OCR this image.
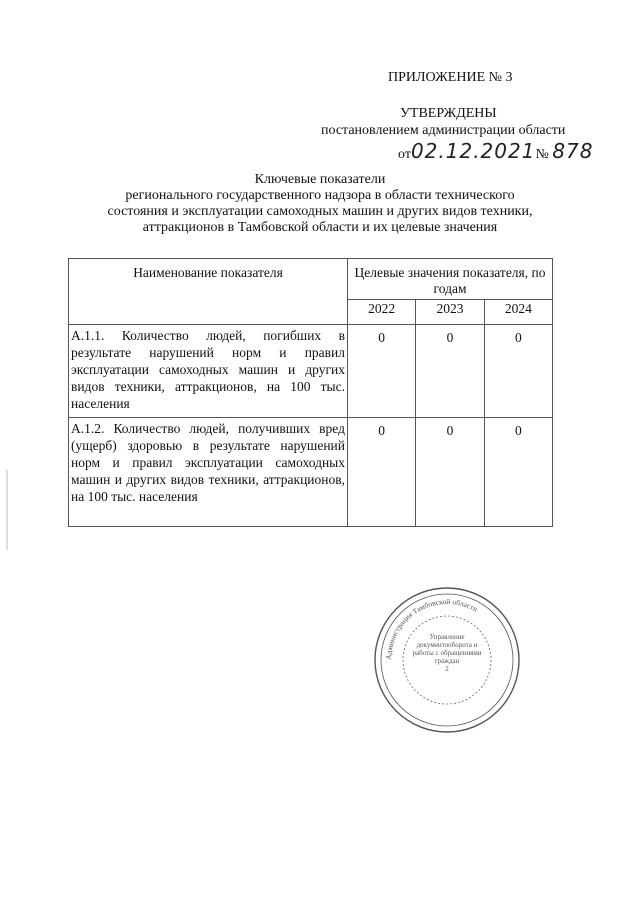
ПРИЛОЖЕНИЕ № 3
УТВЕРЖДЕНЫ
постановлением администрации области
от02.12.2021№ 878
Ключевые показатели
регионального государственного надзора в области технического
состояния и эксплуатации самоходных машин и других видов техники,
аттракционов в Тамбовской области и их целевые значения
Наименование показателя	Целевые значения показателя, по годам		
	2022	2023	2024
А.1.1. Количество людей, погибших в результате нарушений норм и правил эксплуатации самоходных машин и других видов техники, аттракционов, на 100 тыс. населения	0	0	0
А.1.2. Количество людей, получивших вред (ущерб) здоровью в результате нарушений норм и правил эксплуатации самоходных машин и других видов техники, аттракционов, на 100 тыс. населения	0	0	0
Администрация Тамбовской области
Управление документооборота и работы с обращениями граждан
2
